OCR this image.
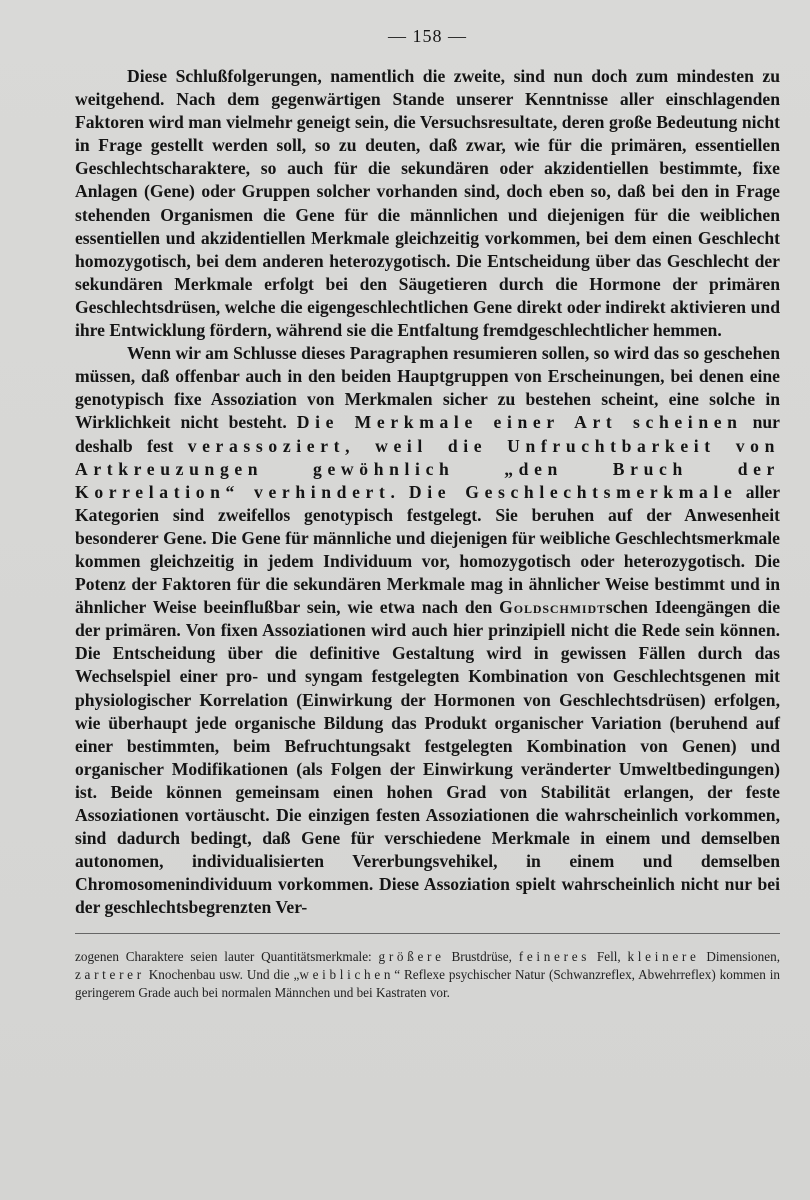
— 158 —

Diese Schlußfolgerungen, namentlich die zweite, sind nun doch zum mindesten zu weitgehend. Nach dem gegenwärtigen Stande unserer Kenntnisse aller einschlagenden Faktoren wird man vielmehr geneigt sein, die Versuchsresultate, deren große Bedeutung nicht in Frage gestellt werden soll, so zu deuten, daß zwar, wie für die primären, essentiellen Geschlechtscharaktere, so auch für die sekundären oder akzidentiellen bestimmte, fixe Anlagen (Gene) oder Gruppen solcher vorhanden sind, doch eben so, daß bei den in Frage stehenden Organismen die Gene für die männlichen und diejenigen für die weiblichen essentiellen und akzidentiellen Merkmale gleichzeitig vorkommen, bei dem einen Geschlecht homozygotisch, bei dem anderen heterozygotisch. Die Entscheidung über das Geschlecht der sekundären Merkmale erfolgt bei den Säugetieren durch die Hormone der primären Geschlechtsdrüsen, welche die eigengeschlechtlichen Gene direkt oder indirekt aktivieren und ihre Entwicklung fördern, während sie die Entfaltung fremdgeschlechtlicher hemmen.

Wenn wir am Schlusse dieses Paragraphen resumieren sollen, so wird das so geschehen müssen, daß offenbar auch in den beiden Hauptgruppen von Erscheinungen, bei denen eine genotypisch fixe Assoziation von Merkmalen sicher zu bestehen scheint, eine solche in Wirklichkeit nicht besteht. Die Merkmale einer Art scheinen nur deshalb fest verassoziert, weil die Unfruchtbarkeit von Artkreuzungen gewöhnlich „den Bruch der Korrelation“ verhindert. Die Geschlechtsmerkmale aller Kategorien sind zweifellos genotypisch festgelegt. Sie beruhen auf der Anwesenheit besonderer Gene. Die Gene für männliche und diejenigen für weibliche Geschlechtsmerkmale kommen gleichzeitig in jedem Individuum vor, homozygotisch oder heterozygotisch. Die Potenz der Faktoren für die sekundären Merkmale mag in ähnlicher Weise bestimmt und in ähnlicher Weise beeinflußbar sein, wie etwa nach den Goldschmidtschen Ideengängen die der primären. Von fixen Assoziationen wird auch hier prinzipiell nicht die Rede sein können. Die Entscheidung über die definitive Gestaltung wird in gewissen Fällen durch das Wechselspiel einer pro- und syngam festgelegten Kombination von Geschlechtsgenen mit physiologischer Korrelation (Einwirkung der Hormonen von Geschlechtsdrüsen) erfolgen, wie überhaupt jede organische Bildung das Produkt organischer Variation (beruhend auf einer bestimmten, beim Befruchtungsakt festgelegten Kombination von Genen) und organischer Modifikationen (als Folgen der Einwirkung veränderter Umweltbedingungen) ist. Beide können gemeinsam einen hohen Grad von Stabilität erlangen, der feste Assoziationen vortäuscht. Die einzigen festen Assoziationen die wahrscheinlich vorkommen, sind dadurch bedingt, daß Gene für verschiedene Merkmale in einem und demselben autonomen, individualisierten Vererbungsvehikel, in einem und demselben Chromosomenindividuum vorkommen. Diese Assoziation spielt wahrscheinlich nicht nur bei der geschlechtsbegrenzten Ver-

zogenen Charaktere seien lauter Quantitätsmerkmale: größere Brustdrüse, feineres Fell, kleinere Dimensionen, zarterer Knochenbau usw. Und die „weiblichen“ Reflexe psychischer Natur (Schwanzreflex, Abwehrreflex) kommen in geringerem Grade auch bei normalen Männchen und bei Kastraten vor.
